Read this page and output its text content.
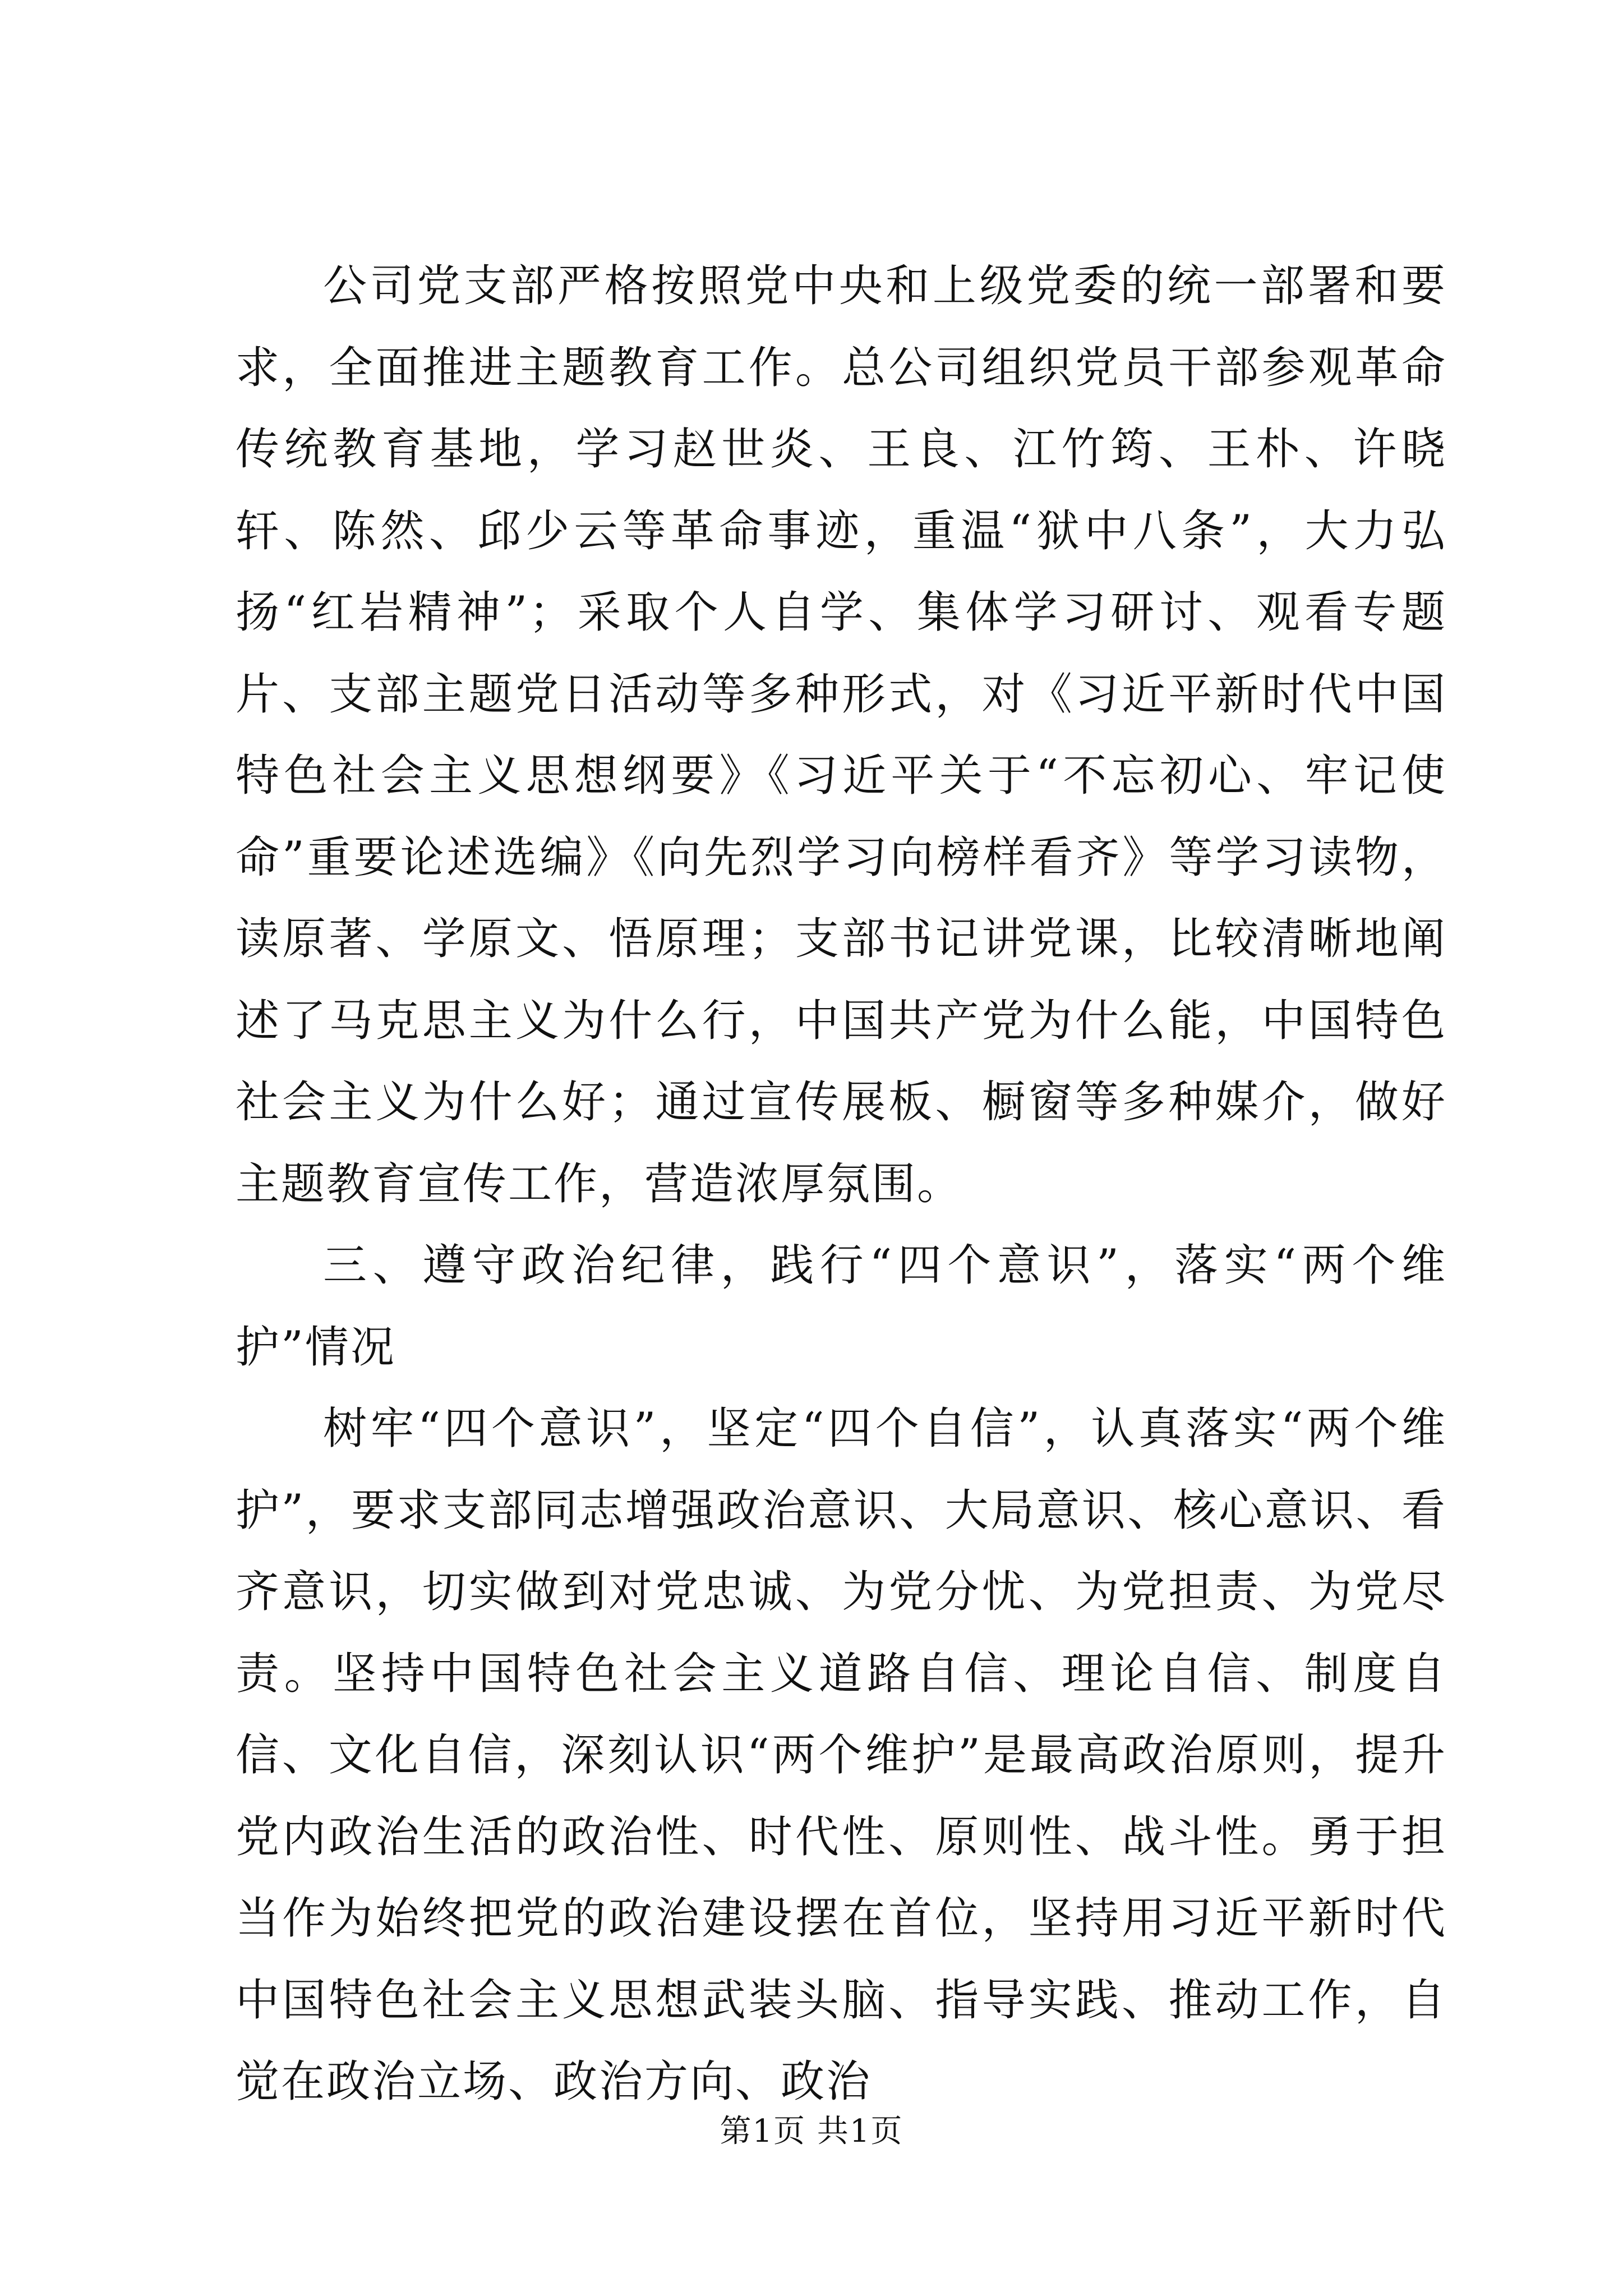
公司党支部严格按照党中央和上级党委的统一部署和要求，全面推进主题教育工作。总公司组织党员干部参观革命传统教育基地，学习赵世炎、王良、江竹筠、王朴、许晓轩、陈然、邱少云等革命事迹，重温“狱中八条”，大力弘扬“红岩精神”；采取个人自学、集体学习研讨、观看专题片、支部主题党日活动等多种形式，对《习近平新时代中国特色社会主义思想纲要》《习近平关于“不忘初心、牢记使命”重要论述选编》《向先烈学习向榜样看齐》等学习读物，读原著、学原文、悟原理；支部书记讲党课，比较清晰地阐述了马克思主义为什么行，中国共产党为什么能，中国特色社会主义为什么好；通过宣传展板、橱窗等多种媒介，做好主题教育宣传工作，营造浓厚氛围。

三、遵守政治纪律，践行“四个意识”，落实“两个维护”情况

树牢“四个意识”，坚定“四个自信”，认真落实“两个维护”，要求支部同志增强政治意识、大局意识、核心意识、看齐意识，切实做到对党忠诚、为党分忧、为党担责、为党尽责。坚持中国特色社会主义道路自信、理论自信、制度自信、文化自信，深刻认识“两个维护”是最高政治原则，提升党内政治生活的政治性、时代性、原则性、战斗性。勇于担当作为始终把党的政治建设摆在首位，坚持用习近平新时代中国特色社会主义思想武装头脑、指导实践、推动工作，自觉在政治立场、政治方向、政治

第1页 共1页
